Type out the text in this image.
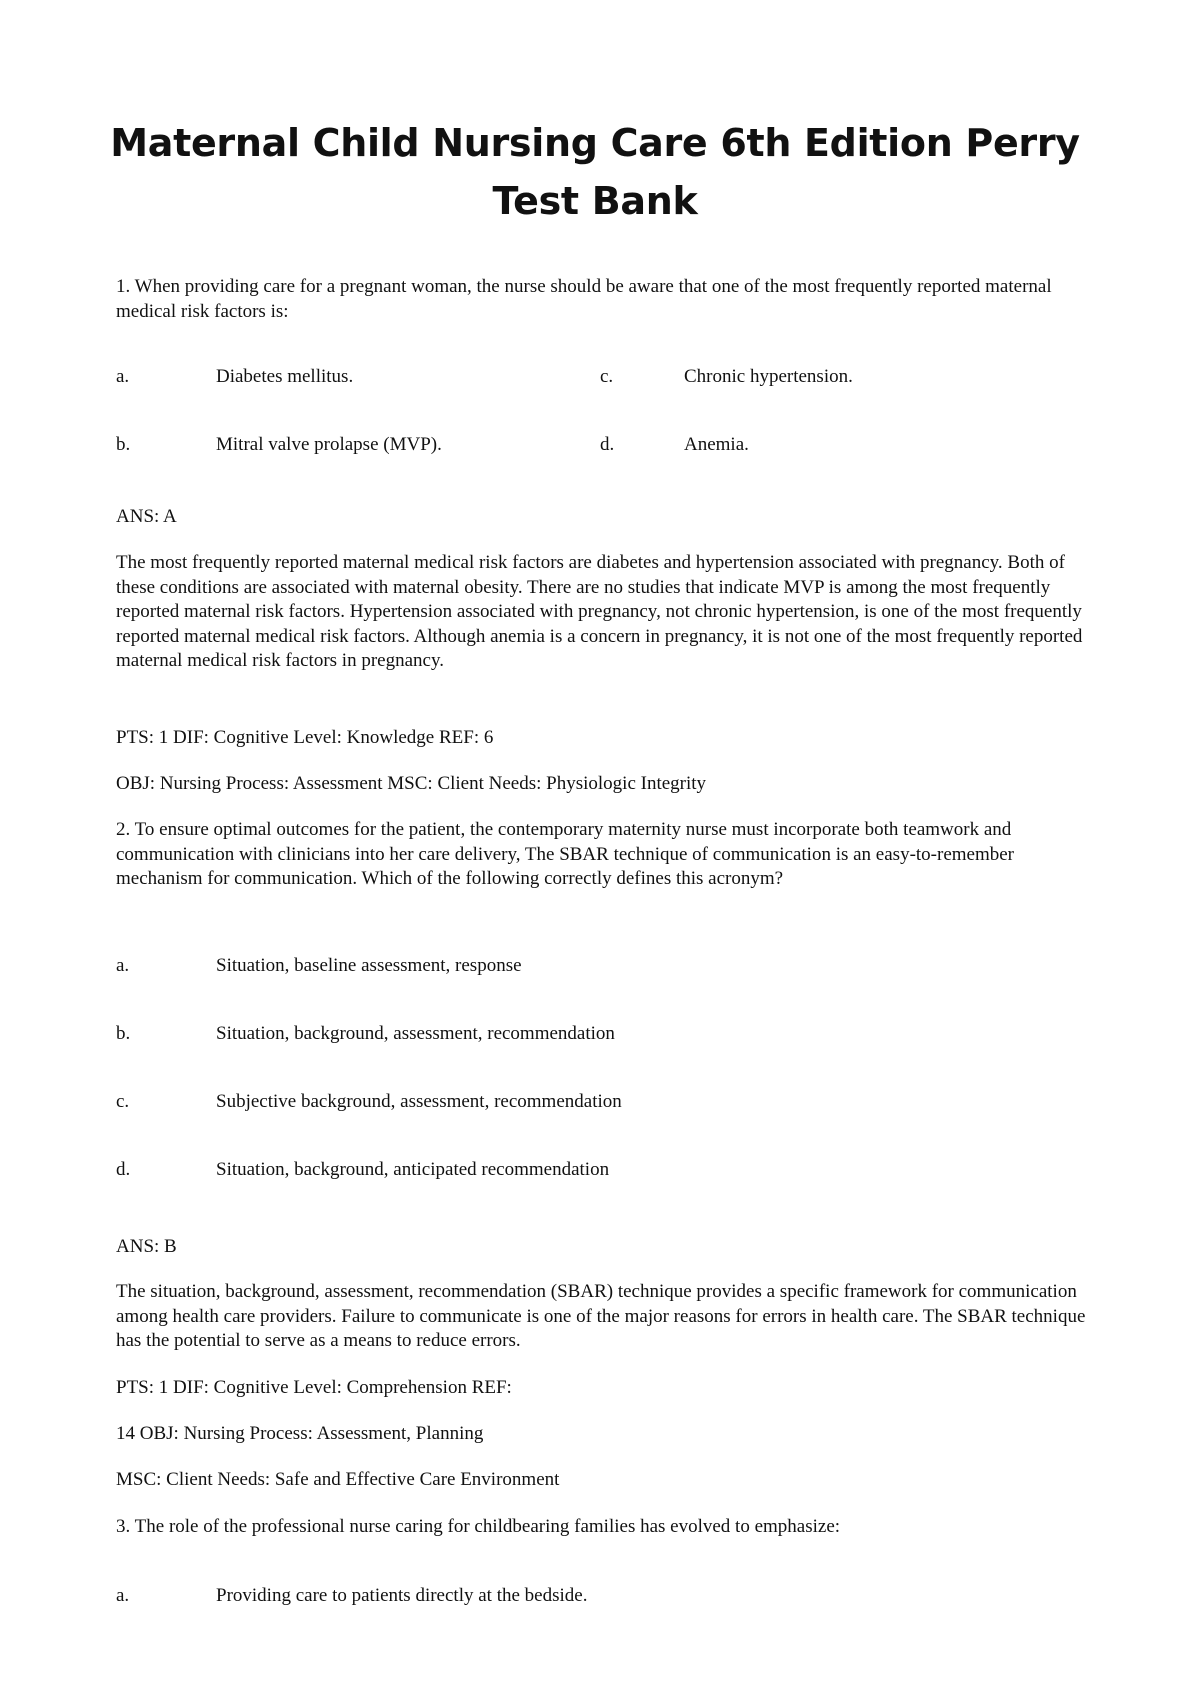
Maternal Child Nursing Care 6th Edition Perry Test Bank
1. When providing care for a pregnant woman, the nurse should be aware that one of the most frequently reported maternal medical risk factors is:
a.	Diabetes mellitus.	c.	Chronic hypertension.
b.	Mitral valve prolapse (MVP).	d.	Anemia.
ANS: A
The most frequently reported maternal medical risk factors are diabetes and hypertension associated with pregnancy. Both of these conditions are associated with maternal obesity. There are no studies that indicate MVP is among the most frequently reported maternal risk factors. Hypertension associated with pregnancy, not chronic hypertension, is one of the most frequently reported maternal medical risk factors. Although anemia is a concern in pregnancy, it is not one of the most frequently reported maternal medical risk factors in pregnancy.
PTS: 1 DIF: Cognitive Level: Knowledge REF: 6
OBJ: Nursing Process: Assessment MSC: Client Needs: Physiologic Integrity
2. To ensure optimal outcomes for the patient, the contemporary maternity nurse must incorporate both teamwork and communication with clinicians into her care delivery, The SBAR technique of communication is an easy-to-remember mechanism for communication. Which of the following correctly defines this acronym?
a.	Situation, baseline assessment, response
b.	Situation, background, assessment, recommendation
c.	Subjective background, assessment, recommendation
d.	Situation, background, anticipated recommendation
ANS: B
The situation, background, assessment, recommendation (SBAR) technique provides a specific framework for communication among health care providers. Failure to communicate is one of the major reasons for errors in health care. The SBAR technique has the potential to serve as a means to reduce errors.
PTS: 1 DIF: Cognitive Level: Comprehension REF:
14 OBJ: Nursing Process: Assessment, Planning
MSC: Client Needs: Safe and Effective Care Environment
3. The role of the professional nurse caring for childbearing families has evolved to emphasize:
a.	Providing care to patients directly at the bedside.
